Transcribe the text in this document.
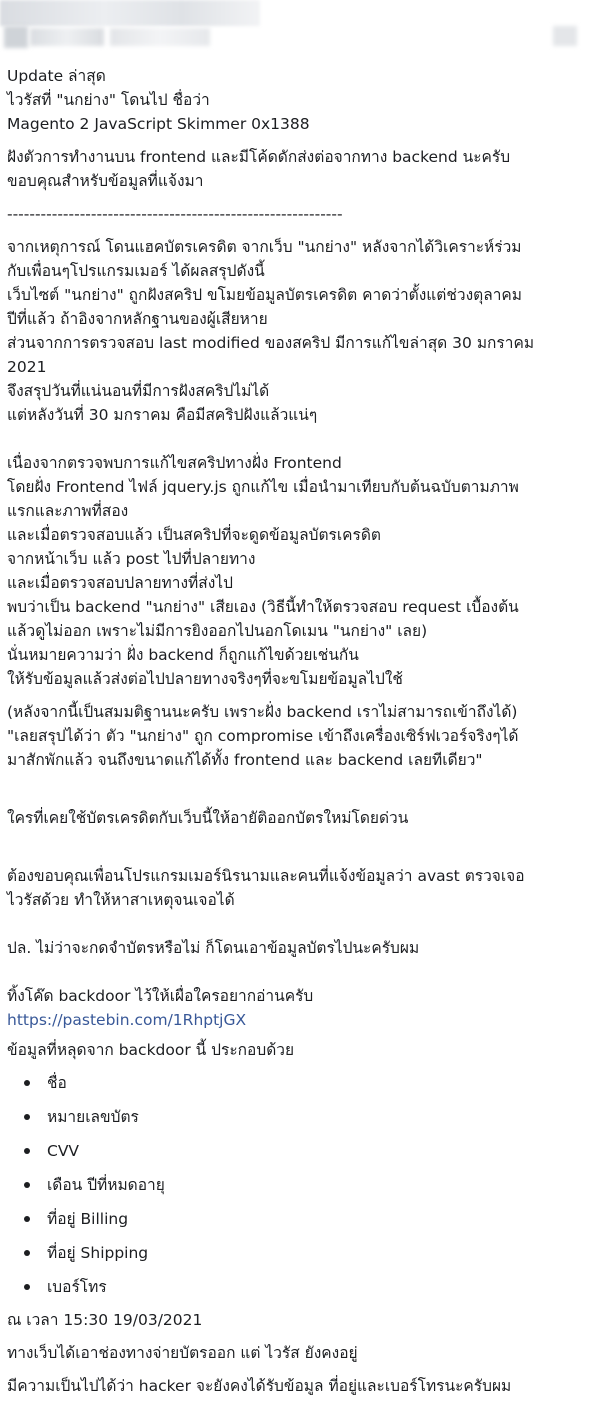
Update ล่าสุด

ไวรัสที่ "นกย่าง" โดนไป ชื่อว่า

Magento 2 JavaScript Skimmer 0x1388

ฝังตัวการทำงานบน frontend และมีโค้ดดักส่งต่อจากทาง backend นะครับ

ขอบคุณสำหรับข้อมูลที่แจ้งมา

------------------------------------------------------------

จากเหตุการณ์ โดนแฮคบัตรเครดิต จากเว็บ "นกย่าง" หลังจากได้วิเคราะห์ร่วม

กับเพื่อนๆโปรแกรมเมอร์ ได้ผลสรุปดังนี้

เว็บไซต์ "นกย่าง" ถูกฝังสคริป ขโมยข้อมูลบัตรเครดิต คาดว่าตั้งแต่ช่วงตุลาคม

ปีที่แล้ว ถ้าอิงจากหลักฐานของผู้เสียหาย

ส่วนจากการตรวจสอบ last modified ของสคริป มีการแก้ไขล่าสุด 30 มกราคม

2021

จึงสรุปวันที่แน่นอนที่มีการฝังสคริปไม่ได้

แต่หลังวันที่ 30 มกราคม คือมีสคริปฝังแล้วแน่ๆ

เนื่องจากตรวจพบการแก้ไขสคริปทางฝั่ง Frontend

โดยฝั่ง Frontend ไฟล์ jquery.js ถูกแก้ไข เมื่อนำมาเทียบกับต้นฉบับตามภาพ

แรกและภาพที่สอง

และเมื่อตรวจสอบแล้ว เป็นสคริปที่จะดูดข้อมูลบัตรเครดิต

จากหน้าเว็บ แล้ว post ไปที่ปลายทาง

และเมื่อตรวจสอบปลายทางที่ส่งไป

พบว่าเป็น backend "นกย่าง" เสียเอง (วิธีนี้ทำให้ตรวจสอบ request เบื้องต้น

แล้วดูไม่ออก เพราะไม่มีการยิงออกไปนอกโดเมน "นกย่าง" เลย)

นั่นหมายความว่า ฝั่ง backend ก็ถูกแก้ไขด้วยเช่นกัน

ให้รับข้อมูลแล้วส่งต่อไปปลายทางจริงๆที่จะขโมยข้อมูลไปใช้

(หลังจากนี้เป็นสมมติฐานนะครับ เพราะฝั่ง backend เราไม่สามารถเข้าถึงได้)

"เลยสรุปได้ว่า ตัว "นกย่าง" ถูก compromise เข้าถึงเครื่องเซิร์ฟเวอร์จริงๆได้

มาสักพักแล้ว จนถึงขนาดแก้ได้ทั้ง frontend และ backend เลยทีเดียว"

ใครที่เคยใช้บัตรเครดิตกับเว็บนี้ให้อายัติออกบัตรใหม่โดยด่วน

ต้องขอบคุณเพื่อนโปรแกรมเมอร์นิรนามและคนที่แจ้งข้อมูลว่า avast ตรวจเจอ

ไวรัสด้วย ทำให้หาสาเหตุจนเจอได้

ปล. ไม่ว่าจะกดจำบัตรหรือไม่ ก็โดนเอาข้อมูลบัตรไปนะครับผม

ทิ้งโค๊ด backdoor ไว้ให้เผื่อใครอยากอ่านครับ

https://pastebin.com/1RhptjGX

ข้อมูลที่หลุดจาก backdoor นี้ ประกอบด้วย

ชื่อ
หมายเลขบัตร
CVV
เดือน ปีที่หมดอายุ
ที่อยู่ Billing
ที่อยู่ Shipping
เบอร์โทร

ณ เวลา 15:30 19/03/2021

ทางเว็บได้เอาช่องทางจ่ายบัตรออก แต่ ไวรัส ยังคงอยู่

มีความเป็นไปได้ว่า hacker จะยังคงได้รับข้อมูล ที่อยู่และเบอร์โทรนะครับผม
